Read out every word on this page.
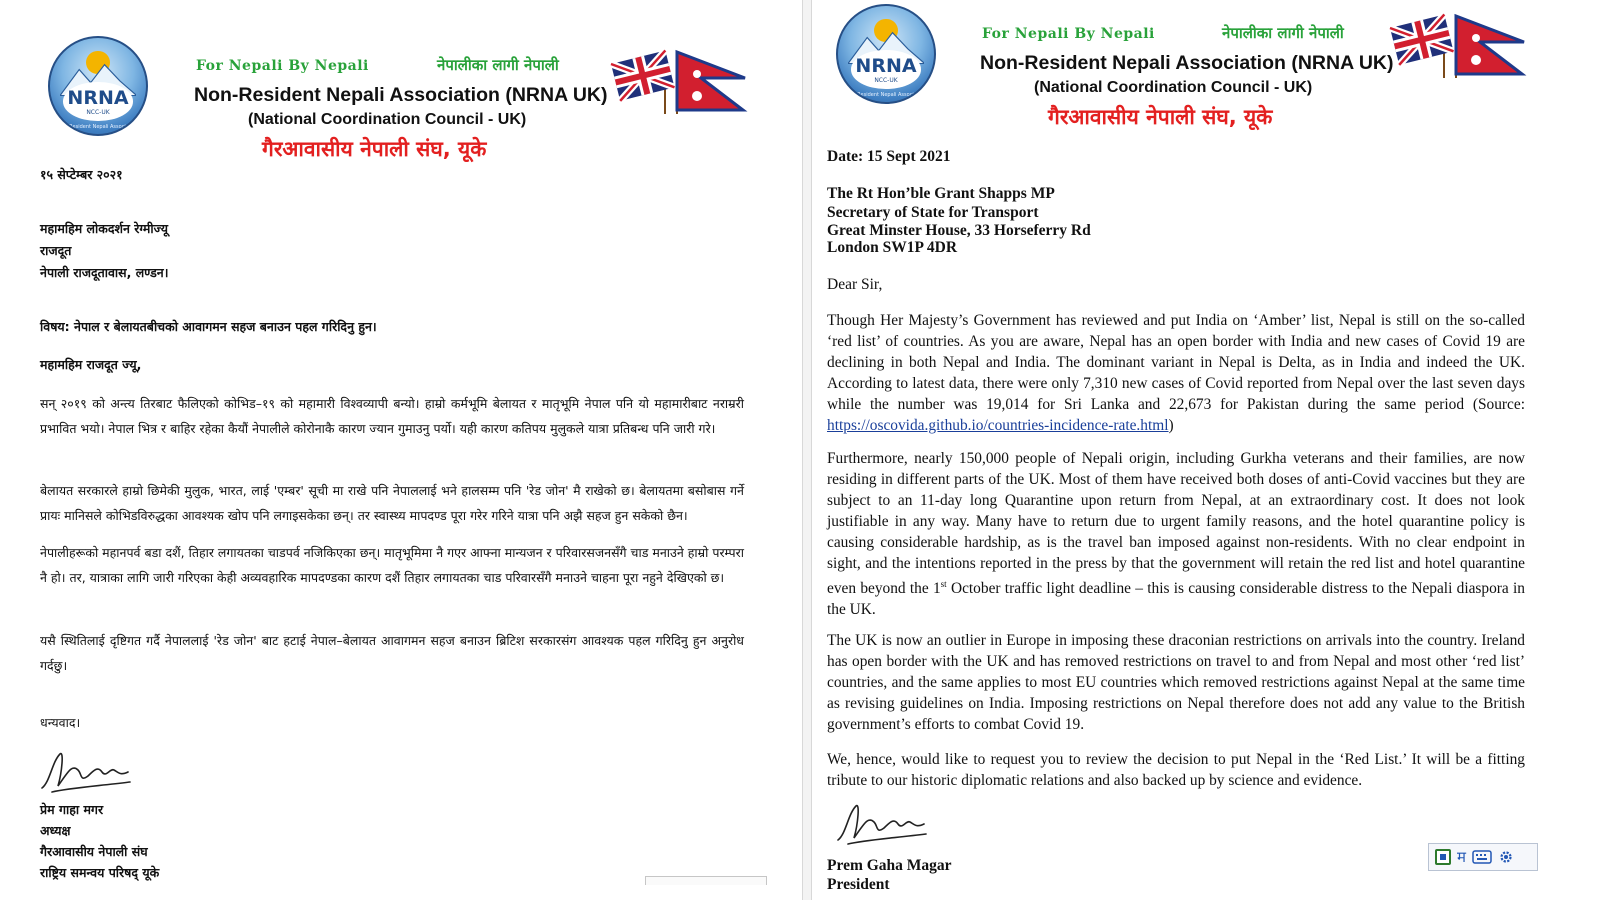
NRNA
NCC-UK
Non-Resident Nepali Association
For Nepali By Nepali	नेपालीका लागी नेपाली
Non-Resident Nepali Association (NRNA UK)
(National Coordination Council - UK)
गैरआवासीय नेपाली संघ, यूके
१५ सेप्टेम्बर २०२१
महामहिम लोकदर्शन रेग्मीज्यू
राजदूत
नेपाली राजदूतावास, लण्डन।
विषय: नेपाल र बेलायतबीचको आवागमन सहज बनाउन पहल गरिदिनु हुन।
महामहिम राजदूत ज्यू,
सन् २०१९ को अन्त्य तिरबाट फैलिएको कोभिड–१९ को महामारी विश्वव्यापी बन्यो। हाम्रो कर्मभूमि बेलायत र मातृभूमि नेपाल पनि यो महामारीबाट नराम्ररी प्रभावित भयो। नेपाल भित्र र बाहिर रहेका कैयौं नेपालीले कोरोनाकै कारण ज्यान गुमाउनु पर्यो। यही कारण कतिपय मुलुकले यात्रा प्रतिबन्ध पनि जारी गरे।
बेलायत सरकारले हाम्रो छिमेकी मुलुक, भारत, लाई 'एम्बर' सूची मा राखे पनि नेपाललाई भने हालसम्म पनि 'रेड जोन' मै राखेको छ। बेलायतमा बसोबास गर्ने प्रायः मानिसले कोभिडविरुद्धका आवश्यक खोप पनि लगाइसकेका छन्। तर स्वास्थ्य मापदण्ड पूरा गरेर गरिने यात्रा पनि अझै सहज हुन सकेको छैन।
नेपालीहरूको महानपर्व बडा दशैं, तिहार लगायतका चाडपर्व नजिकिएका छन्। मातृभूमिमा नै गएर आफ्ना मान्यजन र परिवारसजनसँगै चाड मनाउने हाम्रो परम्परा नै हो। तर, यात्राका लागि जारी गरिएका केही अव्यवहारिक मापदण्डका कारण दशैं तिहार लगायतका चाड परिवारसँगै मनाउने चाहना पूरा नहुने देखिएको छ।
यसै स्थितिलाई दृष्टिगत गर्दै नेपाललाई 'रेड जोन' बाट हटाई नेपाल–बेलायत आवागमन सहज बनाउन ब्रिटिश सरकारसंग आवश्यक पहल गरिदिनु हुन अनुरोध गर्दछु।
धन्यवाद।
प्रेम गाहा मगर
अध्यक्ष
गैरआवासीय नेपाली संघ
राष्ट्रिय समन्वय परिषद् यूके
NRNA
NCC-UK
Non-Resident Nepali Association
For Nepali By Nepali	नेपालीका लागी नेपाली
Non-Resident Nepali Association (NRNA UK)
(National Coordination Council - UK)
गैरआवासीय नेपाली संघ, यूके
Date: 15 Sept 2021
The Rt Hon’ble Grant Shapps MP
Secretary of State for Transport
Great Minster House, 33 Horseferry Rd
London SW1P 4DR
Dear Sir,
Though Her Majesty’s Government has reviewed and put India on ‘Amber’ list, Nepal is still on the so-called ‘red list’ of countries. As you are aware, Nepal has an open border with India and new cases of Covid 19 are declining in both Nepal and India. The dominant variant in Nepal is Delta, as in India and indeed the UK. According to latest data, there were only 7,310 new cases of Covid reported from Nepal over the last seven days while the number was 19,014 for Sri Lanka and 22,673 for Pakistan during the same period (Source: https://oscovida.github.io/countries-incidence-rate.html)
Furthermore, nearly 150,000 people of Nepali origin, including Gurkha veterans and their families, are now residing in different parts of the UK. Most of them have received both doses of anti-Covid vaccines but they are subject to an 11-day long Quarantine upon return from Nepal, at an extraordinary cost. It does not look justifiable in any way. Many have to return due to urgent family reasons, and the hotel quarantine policy is causing considerable hardship, as is the travel ban imposed against non-residents. With no clear endpoint in sight, and the intentions reported in the press by that the government will retain the red list and hotel quarantine even beyond the 1st October traffic light deadline – this is causing considerable distress to the Nepali diaspora in the UK.
The UK is now an outlier in Europe in imposing these draconian restrictions on arrivals into the country. Ireland has open border with the UK and has removed restrictions on travel to and from Nepal and most other ‘red list’ countries, and the same applies to most EU countries which removed restrictions against Nepal at the same time as revising guidelines on India. Imposing restrictions on Nepal therefore does not add any value to the British government’s efforts to combat Covid 19.
We, hence, would like to request you to review the decision to put Nepal in the ‘Red List.’ It will be a fitting tribute to our historic diplomatic relations and also backed up by science and evidence.
Prem Gaha Magar
President
म
